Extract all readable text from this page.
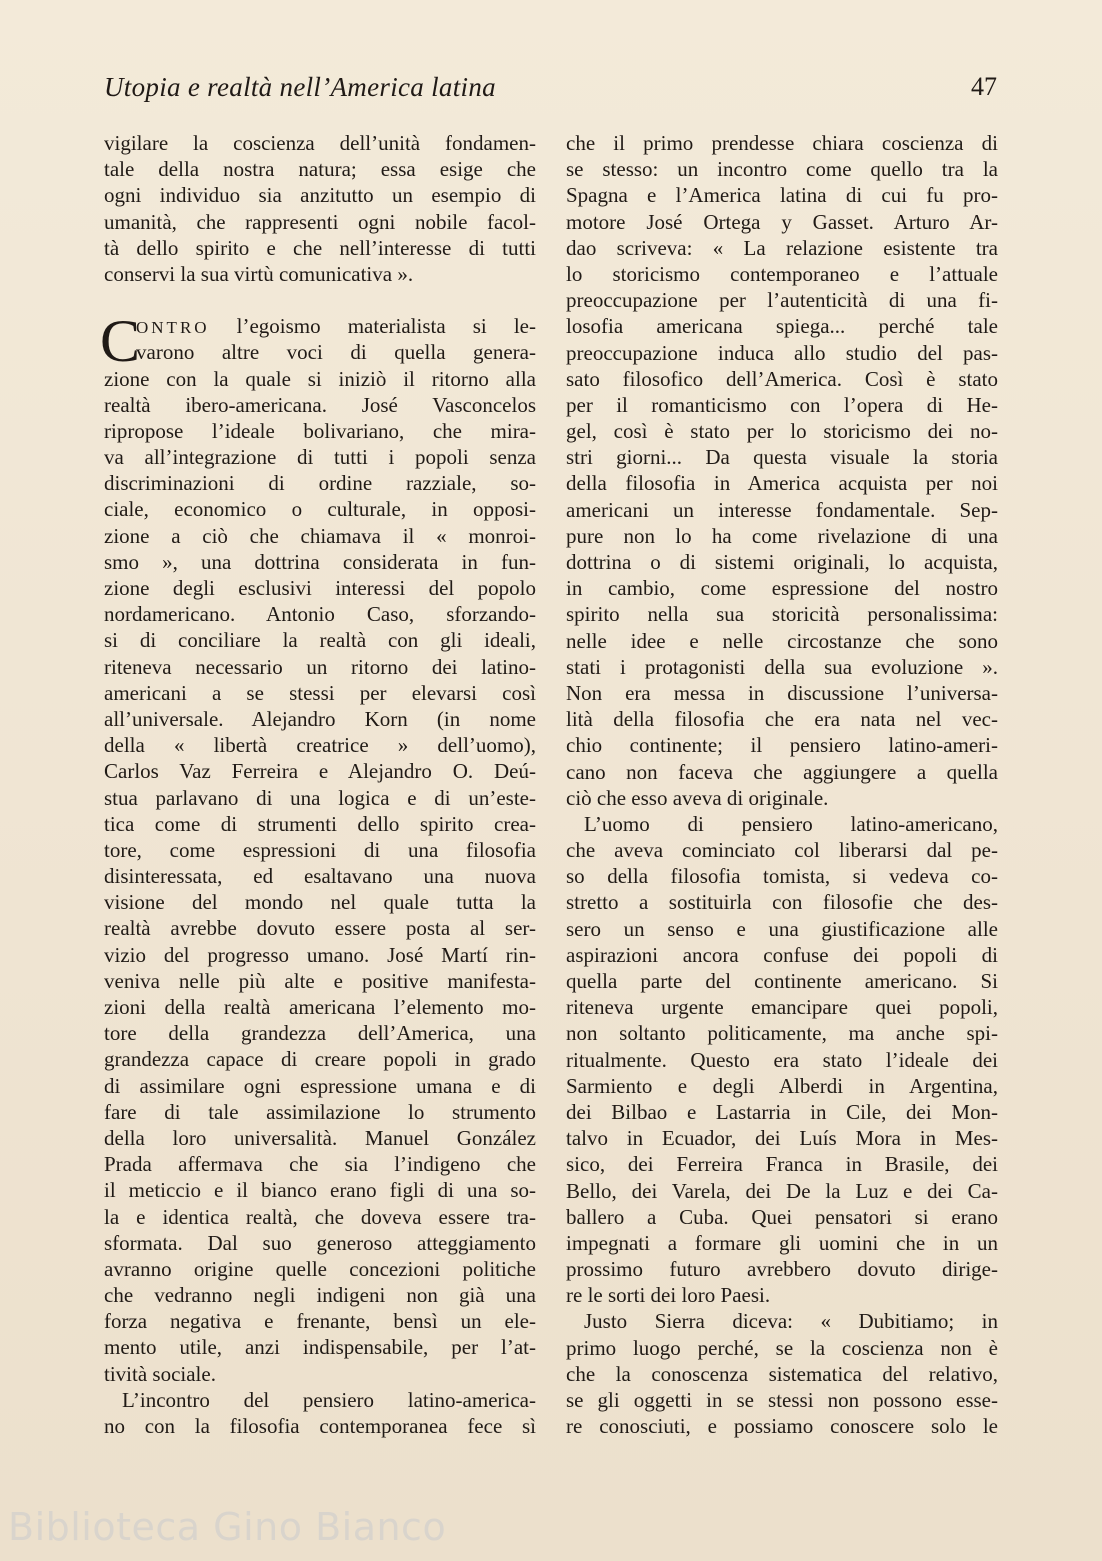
Utopia e realtà nell’America latina	47
vigilare la coscienza dell’unità fondamen-
tale della nostra natura; essa esige che
ogni individuo sia anzitutto un esempio di
umanità, che rappresenti ogni nobile facol-
tà dello spirito e che nell’interesse di tutti
conservi la sua virtù comunicativa ».
C
ONTRO l’egoismo materialista si le-
varono altre voci di quella genera-
zione con la quale si iniziò il ritorno alla
realtà ibero-americana. José Vasconcelos
ripropose l’ideale bolivariano, che mira-
va all’integrazione di tutti i popoli senza
discriminazioni di ordine razziale, so-
ciale, economico o culturale, in opposi-
zione a ciò che chiamava il « monroi-
smo », una dottrina considerata in fun-
zione degli esclusivi interessi del popolo
nordamericano. Antonio Caso, sforzando-
si di conciliare la realtà con gli ideali,
riteneva necessario un ritorno dei latino-
americani a se stessi per elevarsi così
all’universale. Alejandro Korn (in nome
della « libertà creatrice » dell’uomo),
Carlos Vaz Ferreira e Alejandro O. Deú-
stua parlavano di una logica e di un’este-
tica come di strumenti dello spirito crea-
tore, come espressioni di una filosofia
disinteressata, ed esaltavano una nuova
visione del mondo nel quale tutta la
realtà avrebbe dovuto essere posta al ser-
vizio del progresso umano. José Martí rin-
veniva nelle più alte e positive manifesta-
zioni della realtà americana l’elemento mo-
tore della grandezza dell’America, una
grandezza capace di creare popoli in grado
di assimilare ogni espressione umana e di
fare di tale assimilazione lo strumento
della loro universalità. Manuel González
Prada affermava che sia l’indigeno che
il meticcio e il bianco erano figli di una so-
la e identica realtà, che doveva essere tra-
sformata. Dal suo generoso atteggiamento
avranno origine quelle concezioni politiche
che vedranno negli indigeni non già una
forza negativa e frenante, bensì un ele-
mento utile, anzi indispensabile, per l’at-
tività sociale.
L’incontro del pensiero latino-america-
no con la filosofia contemporanea fece sì
che il primo prendesse chiara coscienza di
se stesso: un incontro come quello tra la
Spagna e l’America latina di cui fu pro-
motore José Ortega y Gasset. Arturo Ar-
dao scriveva: « La relazione esistente tra
lo storicismo contemporaneo e l’attuale
preoccupazione per l’autenticità di una fi-
losofia americana spiega... perché tale
preoccupazione induca allo studio del pas-
sato filosofico dell’America. Così è stato
per il romanticismo con l’opera di He-
gel, così è stato per lo storicismo dei no-
stri giorni... Da questa visuale la storia
della filosofia in America acquista per noi
americani un interesse fondamentale. Sep-
pure non lo ha come rivelazione di una
dottrina o di sistemi originali, lo acquista,
in cambio, come espressione del nostro
spirito nella sua storicità personalissima:
nelle idee e nelle circostanze che sono
stati i protagonisti della sua evoluzione ».
Non era messa in discussione l’universa-
lità della filosofia che era nata nel vec-
chio continente; il pensiero latino-ameri-
cano non faceva che aggiungere a quella
ciò che esso aveva di originale.
L’uomo di pensiero latino-americano,
che aveva cominciato col liberarsi dal pe-
so della filosofia tomista, si vedeva co-
stretto a sostituirla con filosofie che des-
sero un senso e una giustificazione alle
aspirazioni ancora confuse dei popoli di
quella parte del continente americano. Si
riteneva urgente emancipare quei popoli,
non soltanto politicamente, ma anche spi-
ritualmente. Questo era stato l’ideale dei
Sarmiento e degli Alberdi in Argentina,
dei Bilbao e Lastarria in Cile, dei Mon-
talvo in Ecuador, dei Luís Mora in Mes-
sico, dei Ferreira Franca in Brasile, dei
Bello, dei Varela, dei De la Luz e dei Ca-
ballero a Cuba. Quei pensatori si erano
impegnati a formare gli uomini che in un
prossimo futuro avrebbero dovuto dirige-
re le sorti dei loro Paesi.
Justo Sierra diceva: « Dubitiamo; in
primo luogo perché, se la coscienza non è
che la conoscenza sistematica del relativo,
se gli oggetti in se stessi non possono esse-
re conosciuti, e possiamo conoscere solo le
Biblioteca Gino Bianco
